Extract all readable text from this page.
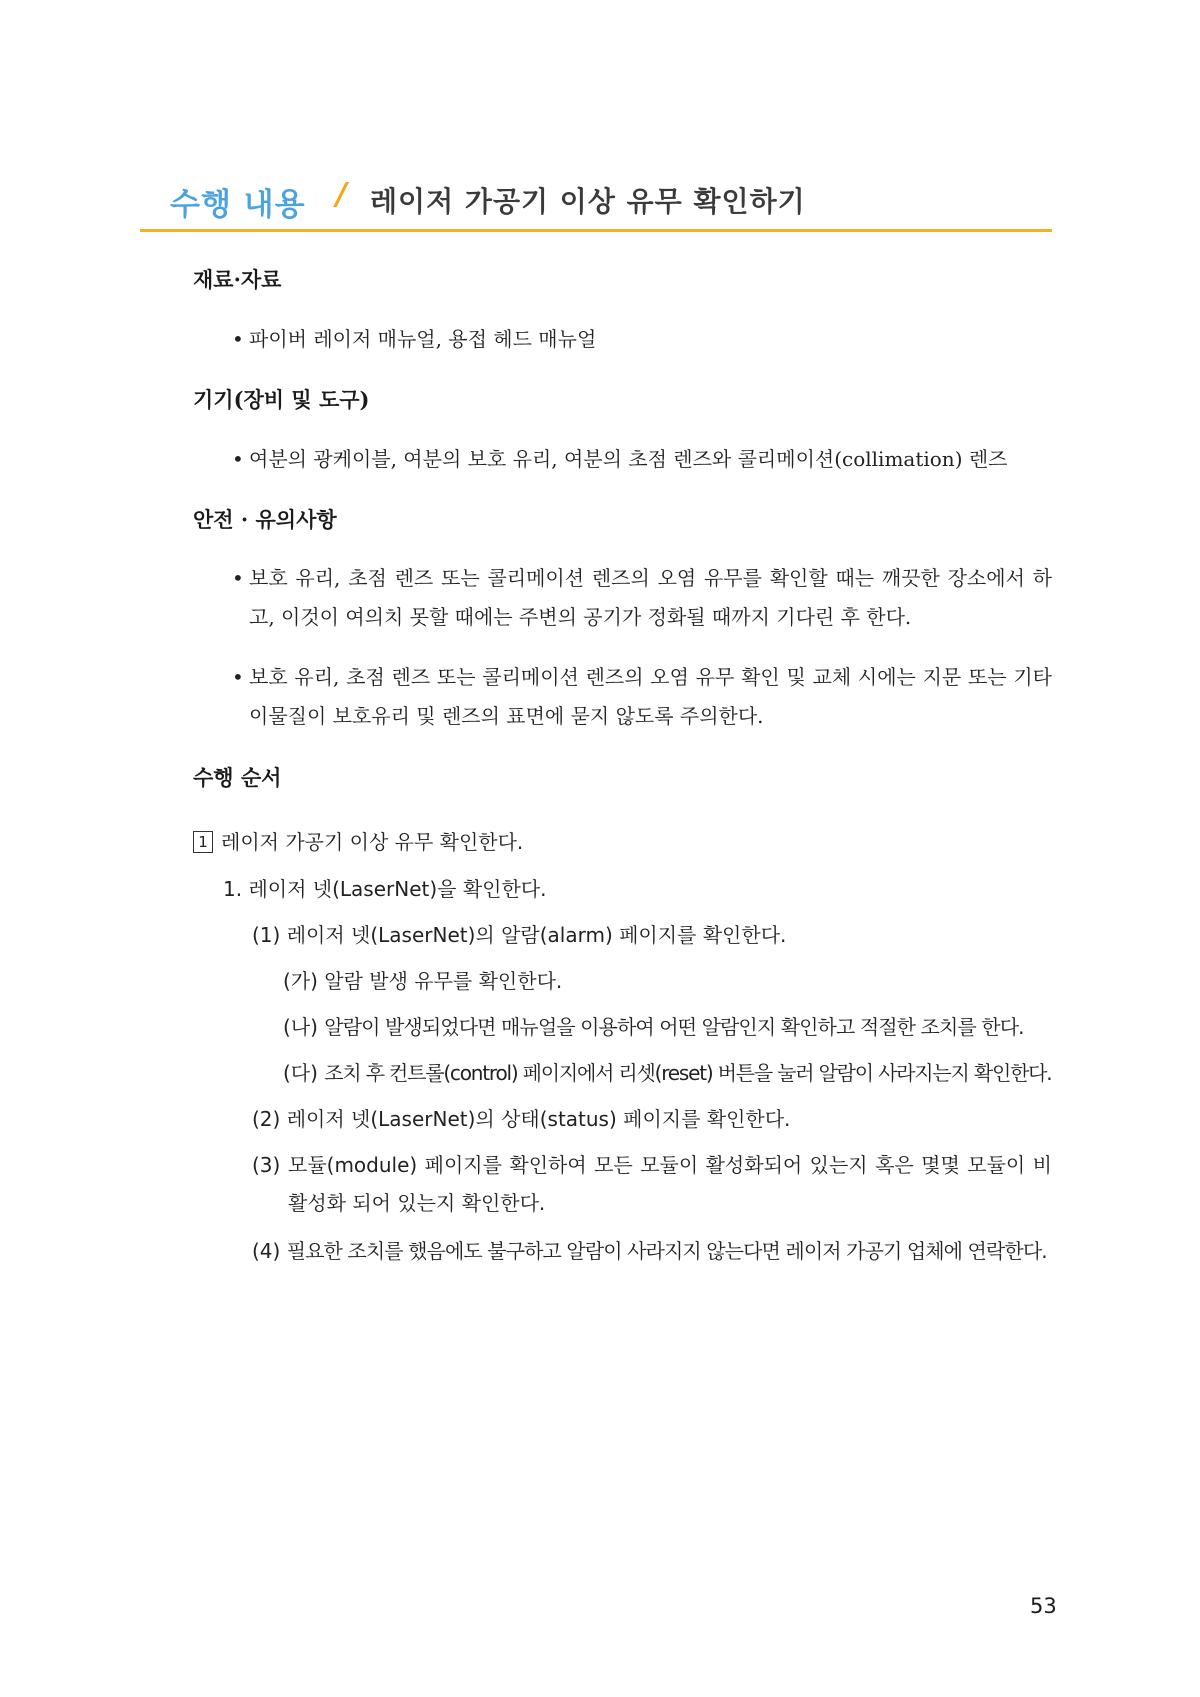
수행 내용 / 레이저 가공기 이상 유무 확인하기
재료·자료
• 파이버 레이저 매뉴얼, 용접 헤드 매뉴얼
기기(장비 및 도구)
• 여분의 광케이블, 여분의 보호 유리, 여분의 초점 렌즈와 콜리메이션(collimation) 렌즈
안전 · 유의사항
• 보호 유리, 초점 렌즈 또는 콜리메이션 렌즈의 오염 유무를 확인할 때는 깨끗한 장소에서 하고, 이것이 여의치 못할 때에는 주변의 공기가 정화될 때까지 기다린 후 한다.
• 보호 유리, 초점 렌즈 또는 콜리메이션 렌즈의 오염 유무 확인 및 교체 시에는 지문 또는 기타 이물질이 보호유리 및 렌즈의 표면에 묻지 않도록 주의한다.
수행 순서
1 레이저 가공기 이상 유무 확인한다.
1. 레이저 넷(LaserNet)을 확인한다.
(1) 레이저 넷(LaserNet)의 알람(alarm) 페이지를 확인한다.
(가) 알람 발생 유무를 확인한다.
(나) 알람이 발생되었다면 매뉴얼을 이용하여 어떤 알람인지 확인하고 적절한 조치를 한다.
(다) 조치 후 컨트롤(control) 페이지에서 리셋(reset) 버튼을 눌러 알람이 사라지는지 확인한다.
(2) 레이저 넷(LaserNet)의 상태(status) 페이지를 확인한다.
(3) 모듈(module) 페이지를 확인하여 모든 모듈이 활성화되어 있는지 혹은 몇몇 모듈이 비활성화 되어 있는지 확인한다.
(4) 필요한 조치를 했음에도 불구하고 알람이 사라지지 않는다면 레이저 가공기 업체에 연락한다.
53
